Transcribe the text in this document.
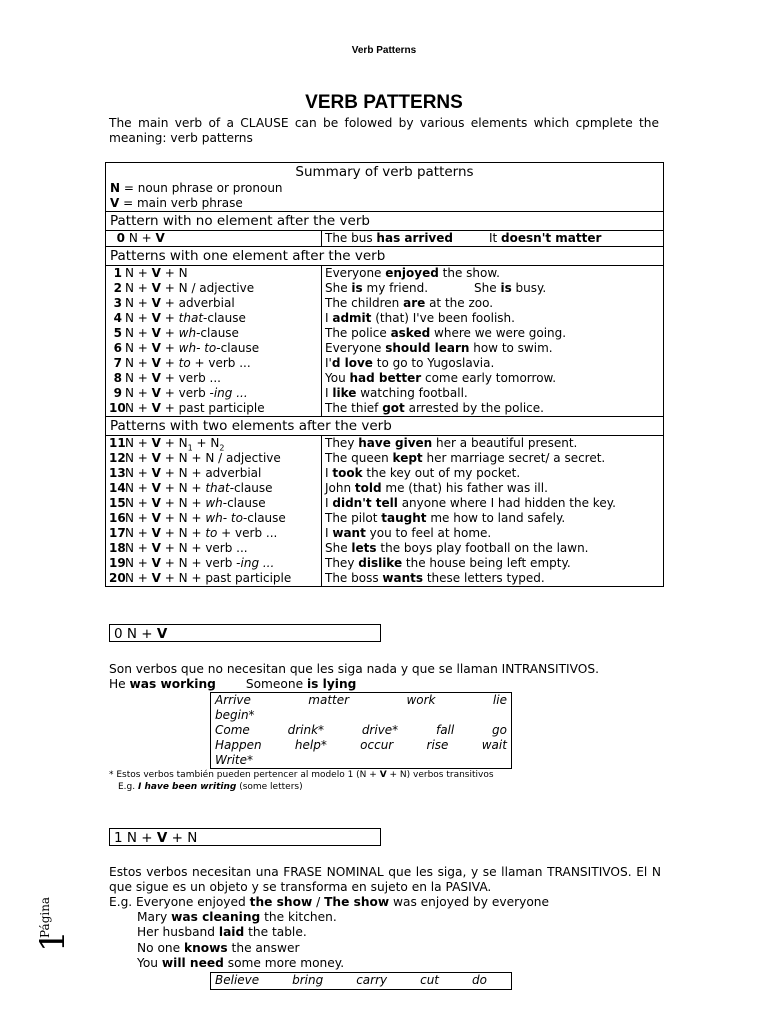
Verb Patterns
VERB PATTERNS
The main verb of a CLAUSE can be folowed by various elements which cpmplete the meaning: verb patterns
Summary of verb patterns
N = noun phrase or pronoun
V = main verb phrase
Pattern with no element after the verb
0 N + V	The bus has arrived	It doesn't matter
Patterns with one element after the verb
1 N + V + N	Everyone enjoyed the show.
2 N + V + N / adjective	She is my friend. She is busy.
3 N + V + adverbial	The children are at the zoo.
4 N + V + that-clause	I admit (that) I've been foolish.
5 N + V + wh-clause	The police asked where we were going.
6 N + V + wh- to-clause	Everyone should learn how to swim.
7 N + V + to + verb ...	I'd love to go to Yugoslavia.
8 N + V + verb ...	You had better come early tomorrow.
9 N + V + verb -ing ...	I like watching football.
10N + V + past participle	The thief got arrested by the police.
Patterns with two elements after the verb
$11N + V + N_1 + N_2$	They have given her a beautiful present.
12N + V + N + N / adjective	The queen kept her marriage secret/ a secret.
13N + V + N + adverbial	I took the key out of my pocket.
14N + V + N + that-clause	John told me (that) his father was ill.
15N + V + N + wh-clause	I didn't tell anyone where I had hidden the key.
16N + V + N + wh- to-clause	The pilot taught me how to land safely.
17N + V + N + to + verb ...	I want you to feel at home.
18N + V + N + verb ...	She lets the boys play football on the lawn.
19N + V + N + verb -ing ...	They dislike the house being left empty.
20N + V + N + past participle	The boss wants these letters typed.
0 N + V
Son verbos que no necesitan que les siga nada y que se llaman INTRANSITIVOS.
He was working Someone is lying
Arrive	matter	work	lie
begin*
Come	drink*	drive*	fall	go
Happen	help*	occur	rise	wait
Write*
* Estos verbos también pueden pertencer al modelo 1 (N + V + N) verbos transitivos
E.g. I have been writing (some letters)
1 N + V + N
Estos verbos necesitan una FRASE NOMINAL que les siga, y se llaman TRANSITIVOS. El N que sigue es un objeto y se transforma en sujeto en la PASIVA.
E.g. Everyone enjoyed the show / The show was enjoyed by everyone
Mary was cleaning the kitchen.
Her husband laid the table.
No one knows the answer
You will need some more money.
Believe	bring	carry	cut	do
Página
1
